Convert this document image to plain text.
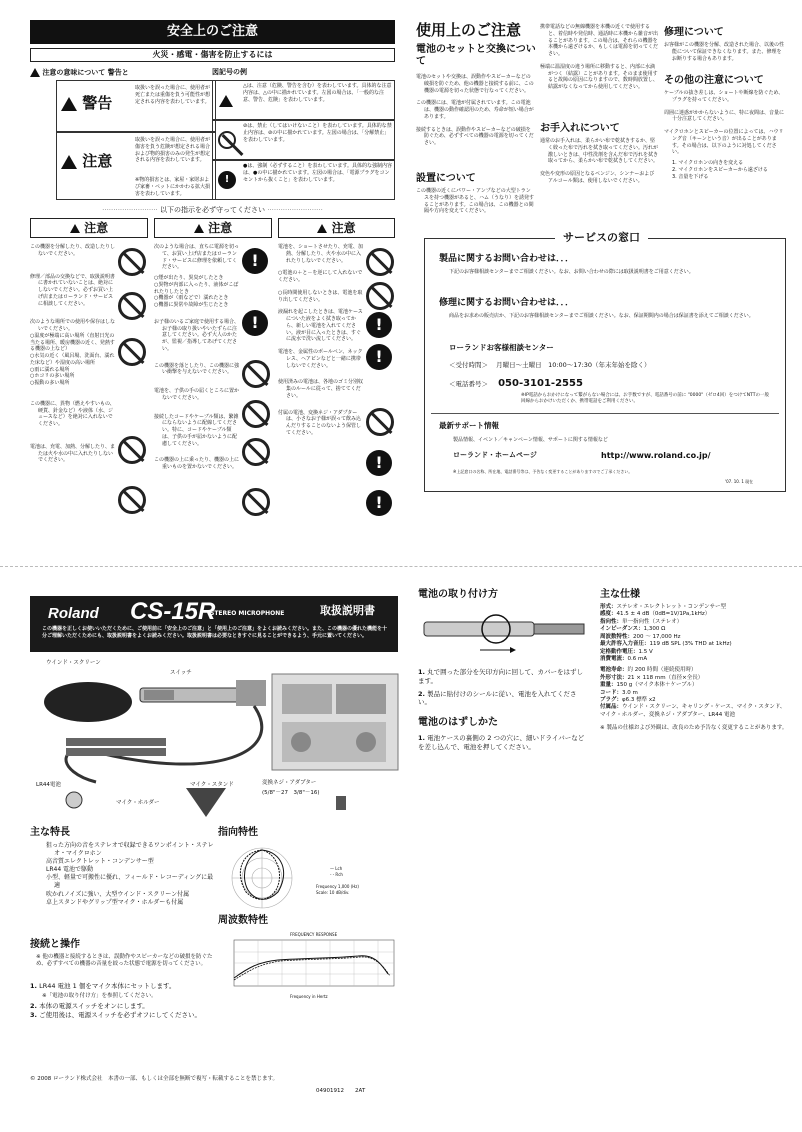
安全上のご注意
火災・感電・傷害を防止するには
注意の意味について 警告と	図記号の例
警告
取扱いを誤った場合に、使用者が死亡または重傷を負う可能性が想定される内容を表わしています。
注意
取扱いを誤った場合に、使用者が傷害を負う危険が想定される場合および物的損害のみの発生が想定される内容を表わしています。
※物的損害とは、家屋・家財および家畜・ペットにかかわる拡大損害を表わしています。
△は、注意（危険、警告を含む）を表わしています。具体的な注意内容は、△の中に描かれています。左図の場合は、「一般的な注意、警告、危険」を表わしています。
⊘は、禁止（してはいけないこと）を表わしています。具体的な禁止内容は、⊘の中に描かれています。左図の場合は、「分解禁止」を表わしています。
!
●は、強制（必ずすること）を表わしています。具体的な強制内容は、●の中に描かれています。左図の場合は、「電源プラグをコンセントから抜くこと」を表わしています。
························· 以下の指示を必ず守ってください ·························
注意	注意	注意
この機器を分解したり、改造したりしないでください。
修理／部品の交換などで、取扱説明書に書かれていないことは、絶対にしないでください。必ずお買い上げ店またはローランド・サービスに相談してください。
次のような場所での使用や保存はしないでください。
○温度が極端に高い場所（直射日光の当たる場所、暖房機器の近く、発熱する機器の上など）
○水気の近く（風呂場、洗面台、濡れた床など）や湿度の高い場所
○雨に濡れる場所
○ホコリの多い場所
○振動の多い場所
この機器に、異物（燃えやすいもの、硬貨、針金など）や液体（水、ジュースなど）を絶対に入れないでください。
電池は、充電、加熱、分解したり、または火や水の中に入れたりしないでください。
次のような場合は、直ちに電源を切って、お買い上げ店またはローランド・サービスに修理を依頼してください。
○煙が出たり、異臭がしたとき
○異物が内部に入ったり、液体がこぼれたりしたとき
○機器が（雨などで）濡れたとき
○機器に異常や故障が生じたとき
お子様のいるご家庭で使用する場合、お子様の取り扱いやいたずらに注意してください。必ず大人のかたが、監視／指導してあげてください。
この機器を落としたり、この機器に強い衝撃を与えないでください。
電池を、子供の手の届くところに置かないでください。
接続したコードやケーブル類は、繁雑にならないように配線してください。特に、コードやケーブル類は、子供の手が届かないように配慮してください。
この機器の上に乗ったり、機器の上に重いものを置かないでください。
!
!
電池を、ショートさせたり、充電、加熱、分解したり、火や水の中に入れたりしないでください。
○電池の＋と－を逆にして入れないでください。
○長時間使用しないときは、電池を取り出してください。
液漏れを起こしたときは、電池ケースについた液をよく拭き取ってから、新しい電池を入れてください。液が目に入ったときは、すぐに流水で洗い流してください。
電池を、金属性のボールペン、ネックレス、ヘアピンなどと一緒に携帯しないでください。
使用済みの電池は、各地のゴミ分別収集のルールに従って、捨ててください。
付属の電池、変換ネジ・アダプターは、小さなお子様が誤って飲み込んだりすることのないよう保管してください。
!
!
!
!
使用上のご注意
電池のセットと交換について
電池のセットや交換は、誤動作やスピーカーなどの破損を防ぐため、他の機器と接続する前に、この機器の電源を切った状態で行なってください。
この機器には、電池が付属されています。この電池は、機器の動作確認用のため、寿命が短い場合があります。
接続するときは、誤動作やスピーカーなどの破損を防ぐため、必ずすべての機器の電源を切ってください。
設置について
この機器の近くにパワー・アンプなどの大型トランスを持つ機器があると、ハム（うなり）を誘発することがあります。この場合は、この機器との間隔や方向を変えてください。
携帯電話などの無線機器を本機の近くで使用すると、着信時や発信時、通話時に本機から雑音が出ることがあります。この場合は、それらの機器を本機から遠ざけるか、もしくは電源を切ってください。
極端に温湿度の違う場所に移動すると、内部に水滴がつく（結露）ことがあります。そのまま使用すると故障の原因になりますので、数時間放置し、結露がなくなってから使用してください。
お手入れについて
通常のお手入れは、柔らかい布で乾拭きするか、堅く絞った布で汚れを拭き取ってください。汚れが激しいときは、中性洗剤を含んだ布で汚れを拭き取ってから、柔らかい布で乾拭きしてください。
変色や変形の原因となるベンジン、シンナーおよびアルコール類は、使用しないでください。
修理について
お客様がこの機器を分解、改造された場合、以後の性能について保証できなくなります。また、修理をお断りする場合もあります。
その他の注意について
ケーブルの抜き差しは、ショートや断線を防ぐため、プラグを持ってください。
周囲に迷惑がかからないように、特に夜間は、音量に十分注意してください。
マイクロホンとスピーカーの位置によっては、ハウリング音（キーンという音）が出ることがあります。その場合は、以下のように対処してください。
1. マイクロホンの向きを変える
2. マイクロホンをスピーカーから遠ざける
3. 音量を下げる
サービスの窓口
製品に関するお問い合わせは．．．
下記のお客様相談センターまでご相談ください。なお、お問い合わせの際には取扱説明書をご用意ください。
修理に関するお問い合わせは．．．
商品をお求めの販売店か、下記のお客様相談センターまでご相談ください。なお、保証期間内の場合は保証書を添えてご相談ください。
ローランドお客様相談センター
＜受付時間＞ 月曜日～土曜日　10:00～17:30（年末年始を除く）
＜電話番号＞ 050-3101-2555
※IP電話からおかけになって繋がらない場合には、お手数ですが、電話番号の前に "0000"（ゼロ4回）をつけてNTTの一般回線からおかけいただくか、携帯電話をご利用ください。
最新サポート情報
製品情報、イベント／キャンペーン情報、サポートに関する情報など
ローランド・ホームページ	http://www.roland.co.jp/
※上記窓口の名称、所在地、電話番号等は、予告なく変更することがありますのでご了承ください。
'07. 10. 1 現在
Roland CS-15R
STEREO MICROPHONE	取扱説明書
この機器を正しくお使いいただくために、ご使用前に「安全上のご注意」と「使用上のご注意」をよくお読みください。また、この機器の優れた機能を十分ご理解いただくためにも、取扱説明書をよくお読みください。取扱説明書は必要なときすぐに見ることができるよう、手元に置いてください。
ウインド・スクリーン
スイッチ
LR44電池	マイク・スタンド
マイク・ホルダー
変換ネジ・アダプター
(5/8"－27　3/8"－16)
主な特長
狙った方向の音をステレオで収録できるワンポイント・ステレオ・マイクロホン
高音質エレクトレット・コンデンサー型
LR44 電池で駆動
小型、軽量で可搬性に優れ、フィールド・レコーディングに最適
吹かれノイズに強い、大型ウインド・スクリーン付属
卓上スタンドやグリップ型マイク・ホルダーも付属
指向特性
— Lch
- - Rch
Frequency 1,000 (Hz)
Scale: 10 dB/div.
周波数特性
FREQUENCY RESPONSE
Frequency in Hertz
接続と操作
※ 他の機器と接続するときは、誤動作やスピーカーなどの破損を防ぐため、必ずすべての機器の音量を絞った状態で電源を切ってください。
1. LR44 電池 1 個をマイク本体にセットします。
※「電池の取り付け方」を参照してください。
2. 本体の電源スイッチをオンにします。
3. ご使用後は、電源スイッチを必ずオフにしてください。
© 2008 ローランド株式会社　本書の一部、もしくは全部を無断で複写・転載することを禁じます。
04901912　　2AT
電池の取り付け方
1. 丸で囲った部分を矢印方向に回して、カバーをはずします。
2. 製品に貼付けのシールに従い、電池を入れてください。
電池のはずしかた
1. 電池ケースの裏側の 2 つの穴に、細いドライバーなどを差し込んで、電池を押してください。
主な仕様
形式：ステレオ・エレクトレット・コンデンサー型
感度：41.5 ± 4 dB（0dB=1V/1Pa,1kHz）
指向性：単一指向性（ステレオ）
インピーダンス：1,300 Ω
周波数特性：200 ～ 17,000 Hz
最大許容入力音圧：119 dB SPL (3% THD at 1kHz)
定格動作電圧：1.5 V
消費電流：0.6 mA
電池寿命：約 200 時間（連続使用時）
外形寸法：21 × 118 mm（直径×全長）
重量：150 g（マイク本体＋ケーブル）
コード：3.0 m
プラグ：φ6.3 標準 x2
付属品：ウインド・スクリーン、キャリング・ケース、マイク・スタンド、マイク・ホルダー、変換ネジ・アダプター、LR44 電池
※ 製品の仕様および外観は、改良のため予告なく変更することがあります。
